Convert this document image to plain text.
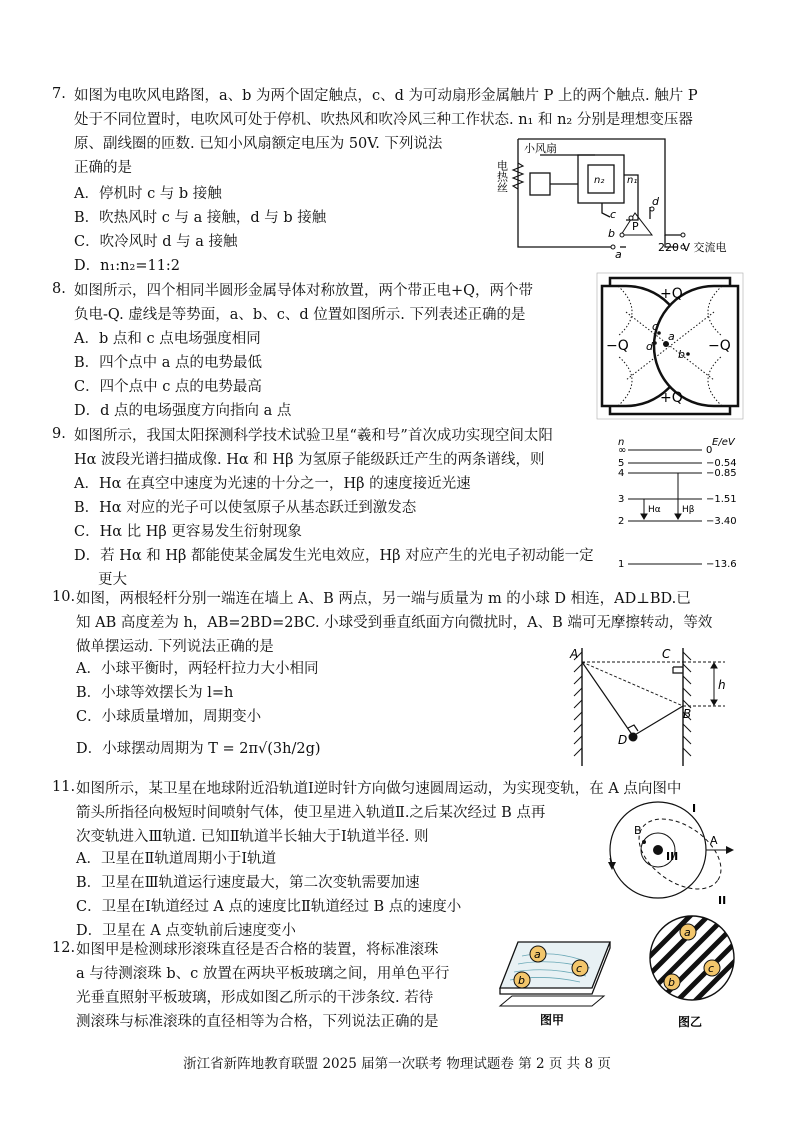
7. 如图为电吹风电路图，a、b 为两个固定触点，c、d 为可动扇形金属触片 P 上的两个触点. 触片 P
处于不同位置时，电吹风可处于停机、吹热风和吹冷风三种工作状态. n₁ 和 n₂ 分别是理想变压器
原、副线圈的匝数. 已知小风扇额定电压为 50V. 下列说法
正确的是
A．停机时 c 与 b 接触
B．吹热风时 c 与 a 接触，d 与 b 接触
C．吹冷风时 d 与 a 接触
D．n₁:n₂=11:2
小风扇
电热丝	n₂ n₁
c
d
b
a
P
220 V 交流电
8. 如图所示，四个相同半圆形金属导体对称放置，两个带正电+Q，两个带
负电-Q. 虚线是等势面，a、b、c、d 位置如图所示. 下列表述正确的是
A．b 点和 c 点电场强度相同
B．四个点中 a 点的电势最低
C．四个点中 c 点的电势最高
D．d 点的电场强度方向指向 a 点
+Q
+Q
−Q	−Q
a
b
c
d
9. 如图所示，我国太阳探测科学技术试验卫星“羲和号”首次成功实现空间太阳
Hα 波段光谱扫描成像. Hα 和 Hβ 为氢原子能级跃迁产生的两条谱线，则
A．Hα 在真空中速度为光速的十分之一，Hβ 的速度接近光速
B．Hα 对应的光子可以使氢原子从基态跃迁到激发态
C．Hα 比 Hβ 更容易发生衍射现象
D．若 Hα 和 Hβ 都能使某金属发生光电效应，Hβ 对应产生的光电子初动能一定
更大
n	E/eV
∞	0
5	−0.54
4	−0.85
3	−1.51
2	−3.40
1	−13.6
Hα Hβ
10. 如图，两根轻杆分别一端连在墙上 A、B 两点，另一端与质量为 m 的小球 D 相连，AD⊥BD.已
知 AB 高度差为 h，AB=2BD=2BC. 小球受到垂直纸面方向微扰时，A、B 端可无摩擦转动，等效
做单摆运动. 下列说法正确的是
A．小球平衡时，两轻杆拉力大小相同
B．小球等效摆长为 l=h
C．小球质量增加，周期变小
D．小球摆动周期为 T = 2π√(3h/2g)
A	C
B
D
h
11. 如图所示，某卫星在地球附近沿轨道Ⅰ逆时针方向做匀速圆周运动，为实现变轨，在 A 点向图中
箭头所指径向极短时间喷射气体，使卫星进入轨道Ⅱ.之后某次经过 B 点再
次变轨进入Ⅲ轨道. 已知Ⅱ轨道半长轴大于Ⅰ轨道半径. 则
A．卫星在Ⅱ轨道周期小于Ⅰ轨道
B．卫星在Ⅲ轨道运行速度最大，第二次变轨需要加速
C．卫星在Ⅰ轨道经过 A 点的速度比Ⅱ轨道经过 B 点的速度小
D．卫星在 A 点变轨前后速度变小
I
II
III
A
B
12. 如图甲是检测球形滚珠直径是否合格的装置，将标准滚珠
a 与待测滚珠 b、c 放置在两块平板玻璃之间，用单色平行
光垂直照射平板玻璃，形成如图乙所示的干涉条纹. 若待
测滚珠与标准滚珠的直径相等为合格，下列说法正确的是
a
c
b
图甲
a
c
b
图乙
浙江省新阵地教育联盟 2025 届第一次联考 物理试题卷 第 2 页 共 8 页
